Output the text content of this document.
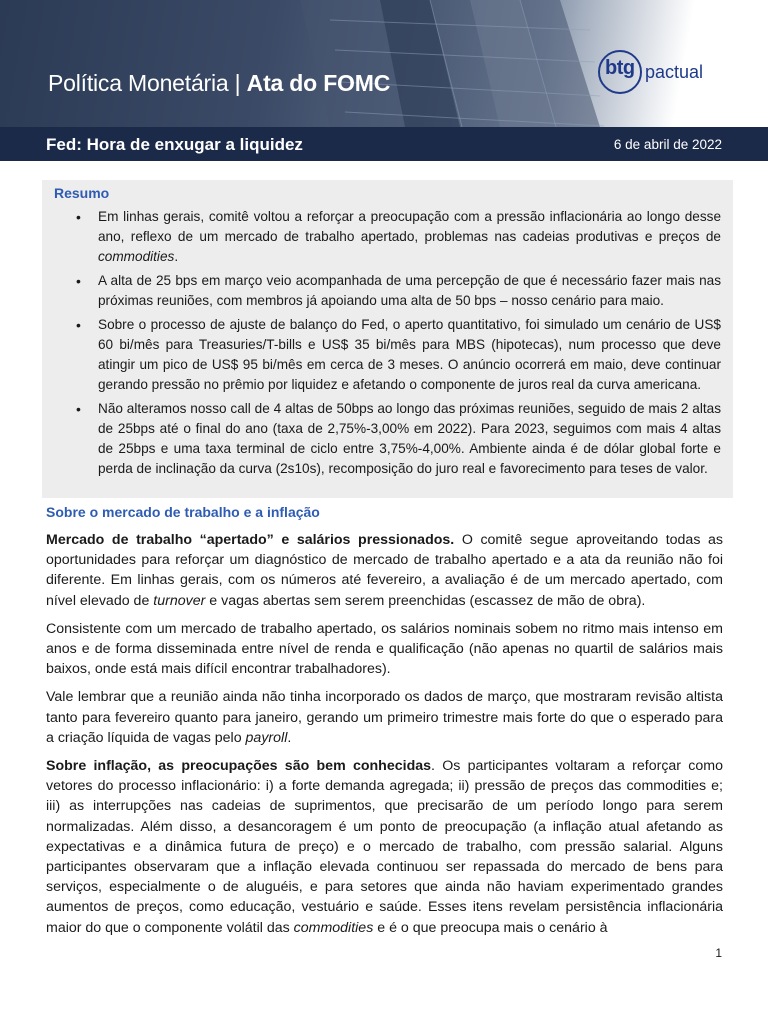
Política Monetária | Ata do FOMC
btg pactual
Fed: Hora de enxugar a liquidez	6 de abril de 2022
Resumo
• Em linhas gerais, comitê voltou a reforçar a preocupação com a pressão inflacionária ao longo desse ano, reflexo de um mercado de trabalho apertado, problemas nas cadeias produtivas e preços de commodities.
• A alta de 25 bps em março veio acompanhada de uma percepção de que é necessário fazer mais nas próximas reuniões, com membros já apoiando uma alta de 50 bps – nosso cenário para maio.
• Sobre o processo de ajuste de balanço do Fed, o aperto quantitativo, foi simulado um cenário de US$ 60 bi/mês para Treasuries/T-bills e US$ 35 bi/mês para MBS (hipotecas), num processo que deve atingir um pico de US$ 95 bi/mês em cerca de 3 meses. O anúncio ocorrerá em maio, deve continuar gerando pressão no prêmio por liquidez e afetando o componente de juros real da curva americana.
• Não alteramos nosso call de 4 altas de 50bps ao longo das próximas reuniões, seguido de mais 2 altas de 25bps até o final do ano (taxa de 2,75%-3,00% em 2022). Para 2023, seguimos com mais 4 altas de 25bps e uma taxa terminal de ciclo entre 3,75%-4,00%. Ambiente ainda é de dólar global forte e perda de inclinação da curva (2s10s), recomposição do juro real e favorecimento para teses de valor.
Sobre o mercado de trabalho e a inflação

Mercado de trabalho “apertado” e salários pressionados. O comitê segue aproveitando todas as oportunidades para reforçar um diagnóstico de mercado de trabalho apertado e a ata da reunião não foi diferente. Em linhas gerais, com os números até fevereiro, a avaliação é de um mercado apertado, com nível elevado de turnover e vagas abertas sem serem preenchidas (escassez de mão de obra).

Consistente com um mercado de trabalho apertado, os salários nominais sobem no ritmo mais intenso em anos e de forma disseminada entre nível de renda e qualificação (não apenas no quartil de salários mais baixos, onde está mais difícil encontrar trabalhadores).

Vale lembrar que a reunião ainda não tinha incorporado os dados de março, que mostraram revisão altista tanto para fevereiro quanto para janeiro, gerando um primeiro trimestre mais forte do que o esperado para a criação líquida de vagas pelo payroll.

Sobre inflação, as preocupações são bem conhecidas. Os participantes voltaram a reforçar como vetores do processo inflacionário: i) a forte demanda agregada; ii) pressão de preços das commodities e; iii) as interrupções nas cadeias de suprimentos, que precisarão de um período longo para serem normalizadas. Além disso, a desancoragem é um ponto de preocupação (a inflação atual afetando as expectativas e a dinâmica futura de preço) e o mercado de trabalho, com pressão salarial. Alguns participantes observaram que a inflação elevada continuou ser repassada do mercado de bens para serviços, especialmente o de aluguéis, e para setores que ainda não haviam experimentado grandes aumentos de preços, como educação, vestuário e saúde. Esses itens revelam persistência inflacionária maior do que o componente volátil das commodities e é o que preocupa mais o cenário à

1
